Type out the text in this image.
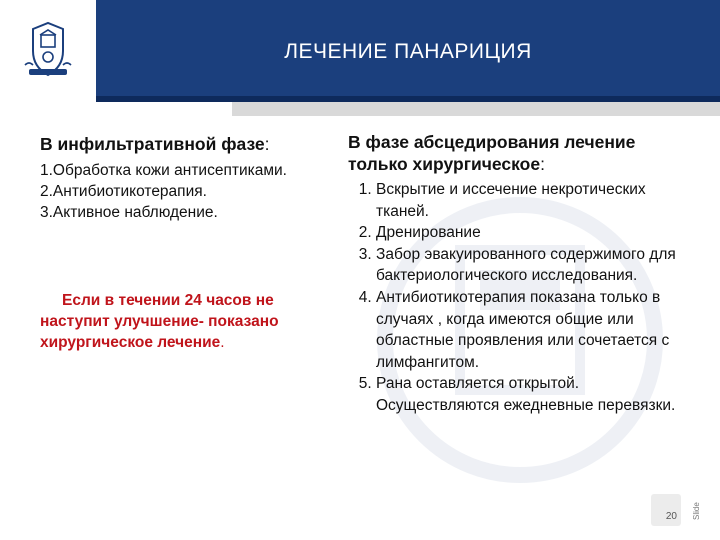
ЛЕЧЕНИЕ ПАНАРИЦИЯ
В инфильтративной фазе:
1.Обработка кожи антисептиками.
2.Антибиотикотерапия.
3.Активное наблюдение.
Если в течении 24 часов не наступит улучшение- показано хирургическое лечение.
В фазе абсцедирования лечение только хирургическое:
1. Вскрытие и иссечение некротических тканей.
2. Дренирование
3. Забор эвакуированного содержимого для бактериологического исследования.
4. Антибиотикотерапия показана только в случаях , когда имеются общие или областные проявления или сочетается с лимфангитом.
5. Рана оставляется открытой. Осуществляются ежедневные перевязки.
20 Slide
